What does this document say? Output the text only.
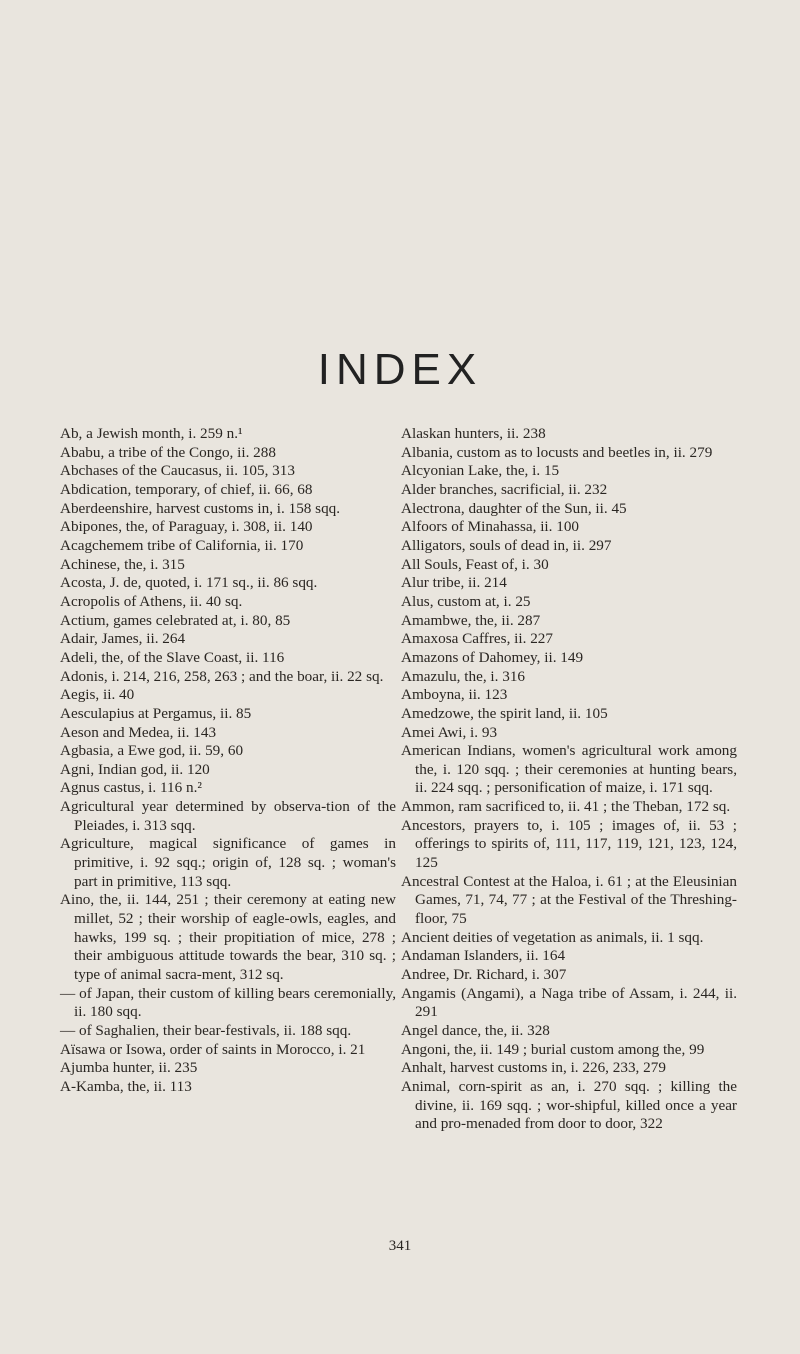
INDEX
Ab, a Jewish month, i. 259 n.¹
Ababu, a tribe of the Congo, ii. 288
Abchases of the Caucasus, ii. 105, 313
Abdication, temporary, of chief, ii. 66, 68
Aberdeenshire, harvest customs in, i. 158 sqq.
Abipones, the, of Paraguay, i. 308, ii. 140
Acagchemem tribe of California, ii. 170
Achinese, the, i. 315
Acosta, J. de, quoted, i. 171 sq., ii. 86 sqq.
Acropolis of Athens, ii. 40 sq.
Actium, games celebrated at, i. 80, 85
Adair, James, ii. 264
Adeli, the, of the Slave Coast, ii. 116
Adonis, i. 214, 216, 258, 263 ; and the boar, ii. 22 sq.
Aegis, ii. 40
Aesculapius at Pergamus, ii. 85
Aeson and Medea, ii. 143
Agbasia, a Ewe god, ii. 59, 60
Agni, Indian god, ii. 120
Agnus castus, i. 116 n.²
Agricultural year determined by observa-tion of the Pleiades, i. 313 sqq.
Agriculture, magical significance of games in primitive, i. 92 sqq.; origin of, 128 sq. ; woman's part in primitive, 113 sqq.
Aino, the, ii. 144, 251 ; their ceremony at eating new millet, 52 ; their worship of eagle-owls, eagles, and hawks, 199 sq. ; their propitiation of mice, 278 ; their ambiguous attitude towards the bear, 310 sq. ; type of animal sacra-ment, 312 sq.
— of Japan, their custom of killing bears ceremonially, ii. 180 sqq.
— of Saghalien, their bear-festivals, ii. 188 sqq.
Aïsawa or Isowa, order of saints in Morocco, i. 21
Ajumba hunter, ii. 235
A-Kamba, the, ii. 113
Alaskan hunters, ii. 238
Albania, custom as to locusts and beetles in, ii. 279
Alcyonian Lake, the, i. 15
Alder branches, sacrificial, ii. 232
Alectrona, daughter of the Sun, ii. 45
Alfoors of Minahassa, ii. 100
Alligators, souls of dead in, ii. 297
All Souls, Feast of, i. 30
Alur tribe, ii. 214
Alus, custom at, i. 25
Amambwe, the, ii. 287
Amaxosa Caffres, ii. 227
Amazons of Dahomey, ii. 149
Amazulu, the, i. 316
Amboyna, ii. 123
Amedzowe, the spirit land, ii. 105
Amei Awi, i. 93
American Indians, women's agricultural work among the, i. 120 sqq. ; their ceremonies at hunting bears, ii. 224 sqq. ; personification of maize, i. 171 sqq.
Ammon, ram sacrificed to, ii. 41 ; the Theban, 172 sq.
Ancestors, prayers to, i. 105 ; images of, ii. 53 ; offerings to spirits of, 111, 117, 119, 121, 123, 124, 125
Ancestral Contest at the Haloa, i. 61 ; at the Eleusinian Games, 71, 74, 77 ; at the Festival of the Threshing-floor, 75
Ancient deities of vegetation as animals, ii. 1 sqq.
Andaman Islanders, ii. 164
Andree, Dr. Richard, i. 307
Angamis (Angami), a Naga tribe of Assam, i. 244, ii. 291
Angel dance, the, ii. 328
Angoni, the, ii. 149 ; burial custom among the, 99
Anhalt, harvest customs in, i. 226, 233, 279
Animal, corn-spirit as an, i. 270 sqq. ; killing the divine, ii. 169 sqq. ; wor-shipful, killed once a year and pro-menaded from door to door, 322
341
